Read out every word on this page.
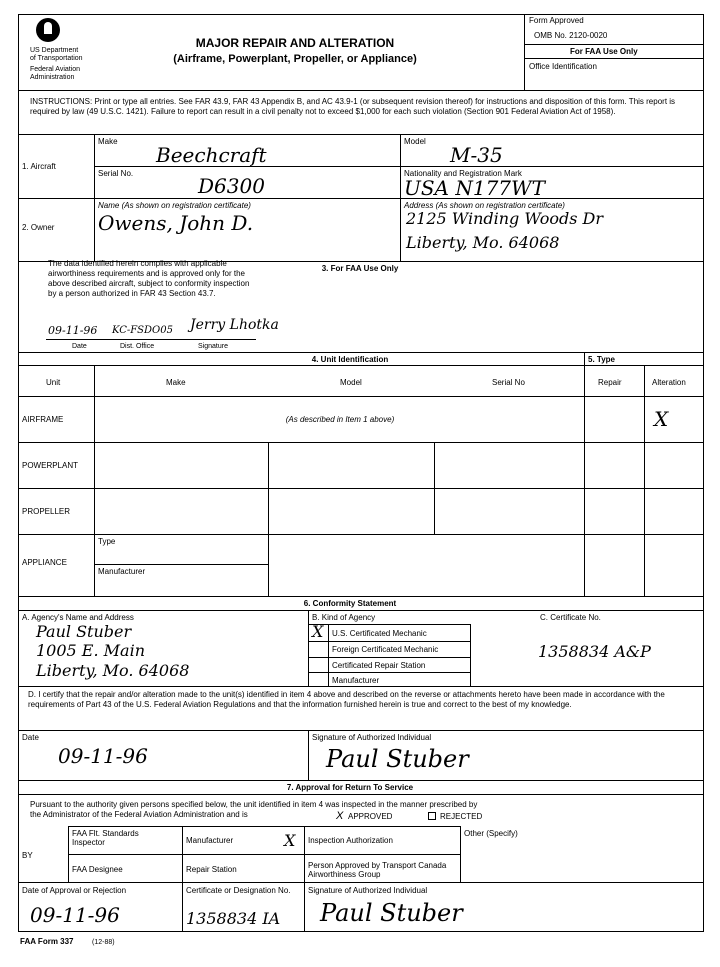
US Department
of Transportation
Federal Aviation
Administration
MAJOR REPAIR AND ALTERATION
(Airframe, Powerplant, Propeller, or Appliance)
Form Approved
OMB No. 2120-0020
For FAA Use Only
Office Identification
INSTRUCTIONS: Print or type all entries. See FAR 43.9, FAR 43 Appendix B, and AC 43.9-1 (or subsequent revision thereof) for instructions and disposition of this form. This report is required by law (49 U.S.C. 1421). Failure to report can result in a civil penalty not to exceed $1,000 for each such violation (Section 901 Federal Aviation Act of 1958).
1. Aircraft
Make
Beechcraft
Model
M-35
Serial No.
D6300
Nationality and Registration Mark
USA N177WT
2. Owner
Name (As shown on registration certificate)
Owens, John D.
Address (As shown on registration certificate)
2125 Winding Woods Dr
Liberty, Mo. 64068
3. For FAA Use Only
The data identified herein complies with applicable airworthiness requirements and is approved only for the above described aircraft, subject to conformity inspection by a person authorized in FAR 43 Section 43.7.
09-11-96 KC-FSDO05 Jerry Lhotka
Date	Dist. Office	Signature
4. Unit Identification	5. Type
Unit	Make	Model	Serial No	Repair	Alteration
AIRFRAME	(As described in Item 1 above)	X
POWERPLANT
PROPELLER
APPLIANCE
Type
Manufacturer
6. Conformity Statement
A. Agency's Name and Address
Paul Stuber
1005 E. Main
Liberty, Mo. 64068
B. Kind of Agency
U.S. Certificated Mechanic
Foreign Certificated Mechanic
Certificated Repair Station
Manufacturer
X
C. Certificate No.
1358834 A&P
D. I certify that the repair and/or alteration made to the unit(s) identified in item 4 above and described on the reverse or attachments hereto have been made in accordance with the requirements of Part 43 of the U.S. Federal Aviation Regulations and that the information furnished herein is true and correct to the best of my knowledge.
Date
09-11-96
Signature of Authorized Individual
Paul Stuber
7. Approval for Return To Service
Pursuant to the authority given persons specified below, the unit identified in item 4 was inspected in the manner prescribed by the Administrator of the Federal Aviation Administration and is	X APPROVED	REJECTED
BY
FAA Flt. Standards Inspector	Manufacturer	X Inspection Authorization
Other (Specify)
FAA Designee	Repair Station	Person Approved by Transport Canada Airworthiness Group
Date of Approval or Rejection
09-11-96
Certificate or Designation No.
1358834 IA
Signature of Authorized Individual
Paul Stuber
FAA Form 337	(12-88)
